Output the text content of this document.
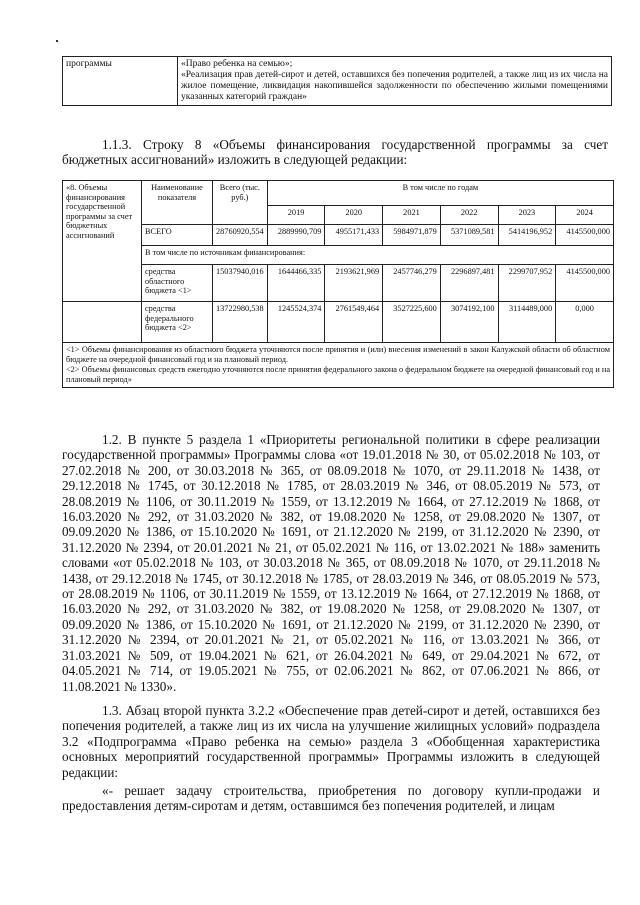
программы	«Право ребенка на семью»;
«Реализация прав детей-сирот и детей, оставшихся без попечения родителей, а также лиц из их числа на жилое помещение, ликвидация накопившейся задолженности по обеспечению жилыми помещениями указанных категорий граждан»
1.1.3. Строку 8 «Объемы финансирования государственной программы за счет бюджетных ассигнований» изложить в следующей редакции:
«8. Объемы финансирования государственной программы за счет бюджетных ассигнований	Наименование показателя	Всего (тыс. руб.)	В том числе по годам					
			2019	2020	2021	2022	2023	2024
	ВСЕГО	28760920,554	2889990,709	4955171,433	5984971,879	5371089,581	5414196,952	4145500,000
	В том числе по источникам финансирования:							
	средства областного бюджета <1>	15037940,016	1644466,335	2193621,969	2457746,279	2296897,481	2299707,952	4145500,000
	средства федерального бюджета <2>	13722980,538	1245524,374	2761549,464	3527225,600	3074192,100	3114489,000	0,000

<1> Объемы финансирования из областного бюджета уточняются после принятия и (или) внесения изменений в закон Калужской области об областном бюджете на очередной финансовый год и на плановый период.
<2> Объемы финансовых средств ежегодно уточняются после принятия федерального закона о федеральном бюджете на очередной финансовый год и на плановый период»								
1.2. В пункте 5 раздела 1 «Приоритеты региональной политики в сфере реализации государственной программы» Программы слова «от 19.01.2018 № 30, от 05.02.2018 № 103, от 27.02.2018 № 200, от 30.03.2018 № 365, от 08.09.2018 № 1070, от 29.11.2018 № 1438, от 29.12.2018 № 1745, от 30.12.2018 № 1785, от 28.03.2019 № 346, от 08.05.2019 № 573, от 28.08.2019 № 1106, от 30.11.2019 № 1559, от 13.12.2019 № 1664, от 27.12.2019 № 1868, от 16.03.2020 № 292, от 31.03.2020 № 382, от 19.08.2020 № 1258, от 29.08.2020 № 1307, от 09.09.2020 № 1386, от 15.10.2020 № 1691, от 21.12.2020 № 2199, от 31.12.2020 № 2390, от 31.12.2020 № 2394, от 20.01.2021 № 21, от 05.02.2021 № 116, от 13.02.2021 № 188» заменить словами «от 05.02.2018 № 103, от 30.03.2018 № 365, от 08.09.2018 № 1070, от 29.11.2018 № 1438, от 29.12.2018 № 1745, от 30.12.2018 № 1785, от 28.03.2019 № 346, от 08.05.2019 № 573, от 28.08.2019 № 1106, от 30.11.2019 № 1559, от 13.12.2019 № 1664, от 27.12.2019 № 1868, от 16.03.2020 № 292, от 31.03.2020 № 382, от 19.08.2020 № 1258, от 29.08.2020 № 1307, от 09.09.2020 № 1386, от 15.10.2020 № 1691, от 21.12.2020 № 2199, от 31.12.2020 № 2390, от 31.12.2020 № 2394, от 20.01.2021 № 21, от 05.02.2021 № 116, от 13.03.2021 № 366, от 31.03.2021 № 509, от 19.04.2021 № 621, от 26.04.2021 № 649, от 29.04.2021 № 672, от 04.05.2021 № 714, от 19.05.2021 № 755, от 02.06.2021 № 862, от 07.06.2021 № 866, от 11.08.2021 № 1330».
1.3. Абзац второй пункта 3.2.2 «Обеспечение прав детей-сирот и детей, оставшихся без попечения родителей, а также лиц из их числа на улучшение жилищных условий» подраздела 3.2 «Подпрограмма «Право ребенка на семью» раздела 3 «Обобщенная характеристика основных мероприятий государственной программы» Программы изложить в следующей редакции:
«- решает задачу строительства, приобретения по договору купли-продажи и предоставления детям-сиротам и детям, оставшимся без попечения родителей, и лицам
